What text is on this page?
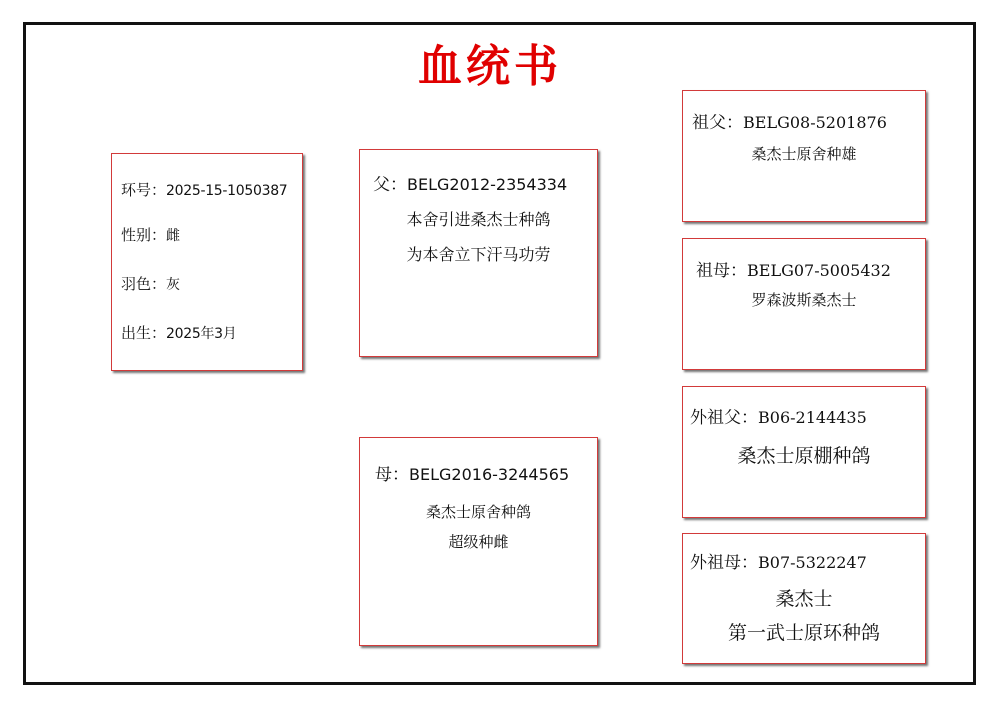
血统书
环号：2025-15-1050387
性别：雌
羽色：灰
出生：2025年3月
父：BELG2012-2354334
本舍引进桑杰士种鸽
为本舍立下汗马功劳
母：BELG2016-3244565
桑杰士原舍种鸽
超级种雌
祖父：BELG08-5201876
桑杰士原舍种雄
祖母：BELG07-5005432
罗森波斯桑杰士
外祖父：B06-2144435
桑杰士原棚种鸽
外祖母：B07-5322247
桑杰士
第一武士原环种鸽
